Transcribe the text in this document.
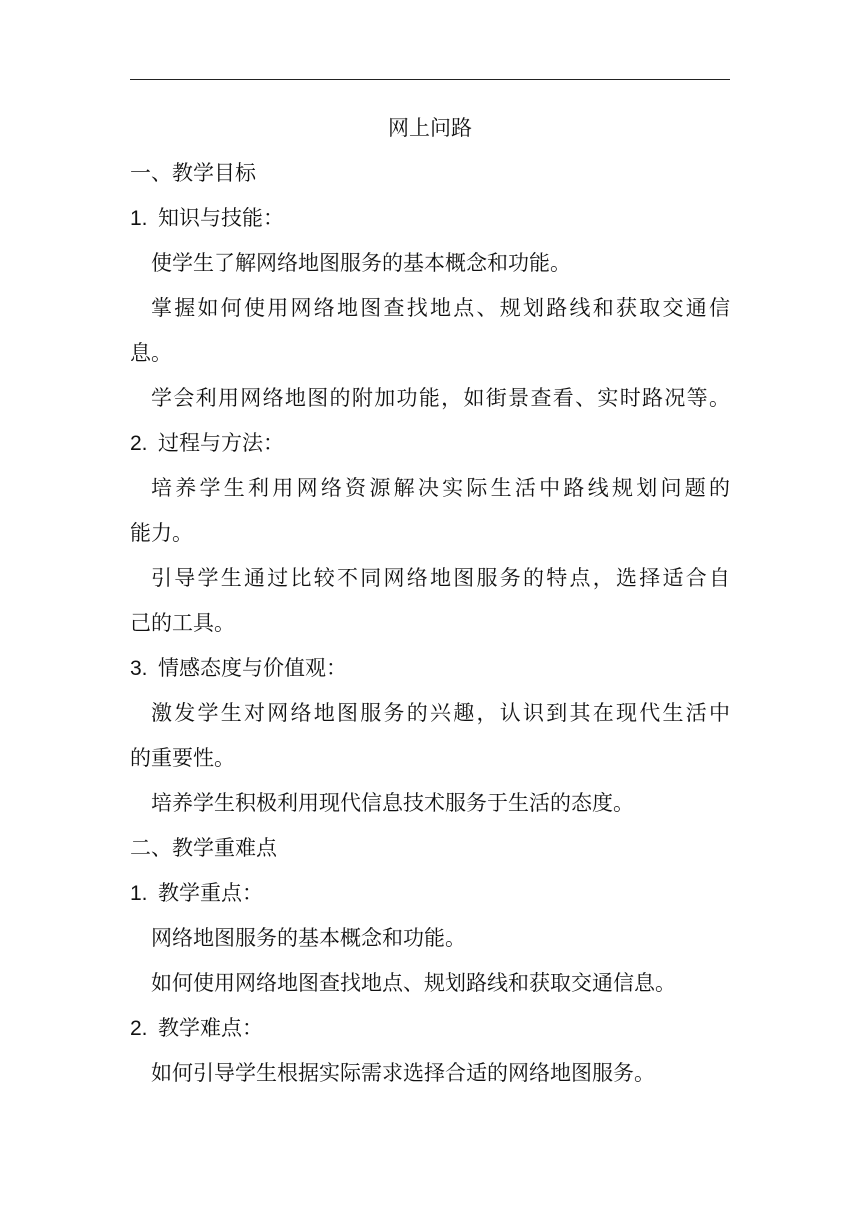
网上问路

一、教学目标

1. 知识与技能：

使学生了解网络地图服务的基本概念和功能。

掌握如何使用网络地图查找地点、规划路线和获取交通信

息。

学会利用网络地图的附加功能，如街景查看、实时路况等。

2. 过程与方法：

培养学生利用网络资源解决实际生活中路线规划问题的

能力。

引导学生通过比较不同网络地图服务的特点，选择适合自

己的工具。

3. 情感态度与价值观：

激发学生对网络地图服务的兴趣，认识到其在现代生活中

的重要性。

培养学生积极利用现代信息技术服务于生活的态度。

二、教学重难点

1. 教学重点：

网络地图服务的基本概念和功能。

如何使用网络地图查找地点、规划路线和获取交通信息。

2. 教学难点：

如何引导学生根据实际需求选择合适的网络地图服务。
